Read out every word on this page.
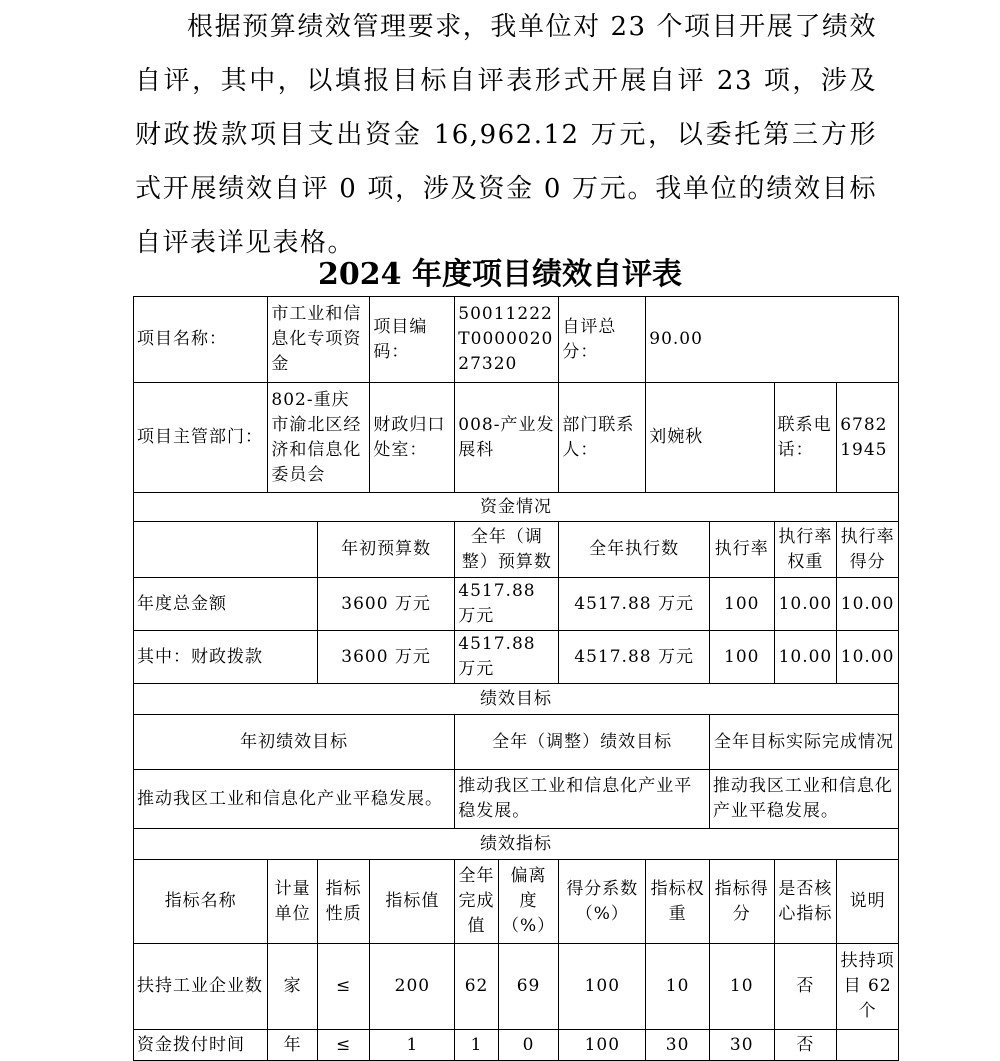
根据预算绩效管理要求，我单位对 23 个项目开展了绩效自评，其中，以填报目标自评表形式开展自评 23 项，涉及财政拨款项目支出资金 16,962.12 万元，以委托第三方形式开展绩效自评 0 项，涉及资金 0 万元。我单位的绩效目标自评表详见表格。

2024 年度项目绩效自评表
项目名称：	市工业和信息化专项资金		项目编码：	50011222T000002027320		自评总分：	90.00			
项目主管部门：	802-重庆市渝北区经济和信息化委员会		财政归口处室：	008-产业发展科		部门联系人：	刘婉秋		联系电话：	67821945
资金情况										
		年初预算数		全年（调整）预算数		全年执行数		执行率	执行率权重	执行率得分
年度总金额		3600 万元		4517.88 万元		4517.88 万元		100	10.00	10.00
其中：财政拨款		3600 万元		4517.88 万元		4517.88 万元		100	10.00	10.00
绩效目标										
年初绩效目标				全年（调整）绩效目标				全年目标实际完成情况		
推动我区工业和信息化产业平稳发展。				推动我区工业和信息化产业平稳发展。				推动我区工业和信息化产业平稳发展。		
绩效指标										
指标名称	计量单位	指标性质	指标值	全年完成值	偏离度（%）	得分系数（%）	指标权重	指标得分	是否核心指标	说明
扶持工业企业数	家	≤	200	62	69	100	10	10	否	扶持项目 62 个
资金拨付时间	年	≤	1	1	0	100	30	30	否	
